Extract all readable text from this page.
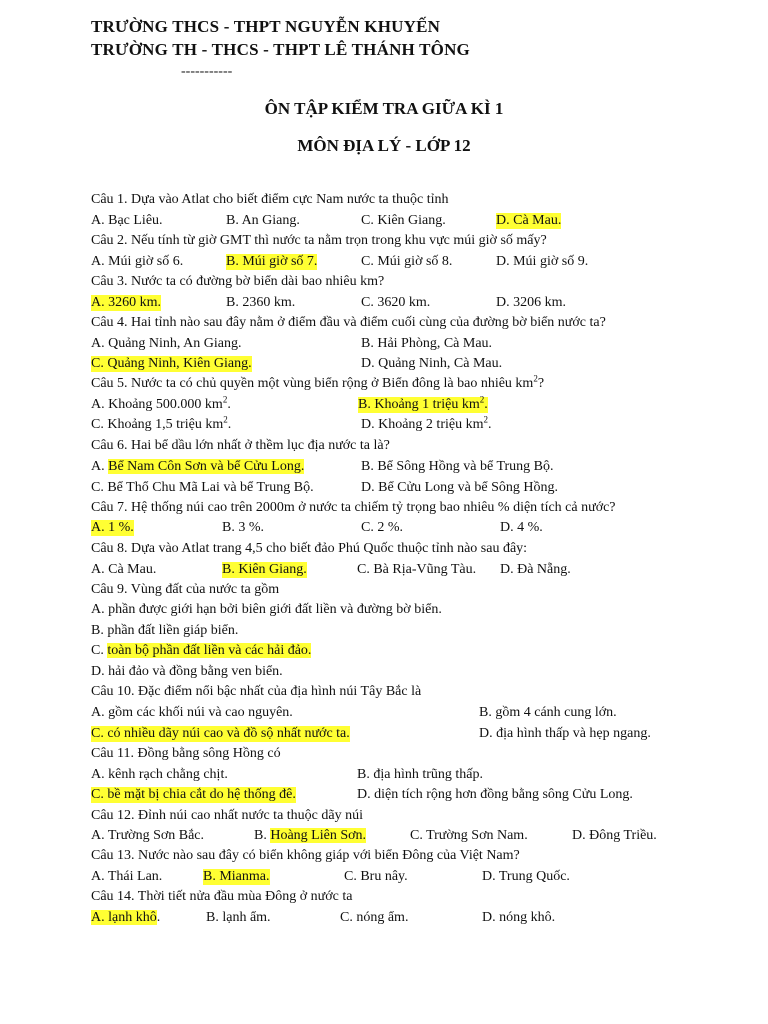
TRƯỜNG THCS - THPT NGUYỄN KHUYẾN
TRƯỜNG TH - THCS - THPT LÊ THÁNH TÔNG
-----------
ÔN TẬP KIỂM TRA GIỮA KÌ 1
MÔN ĐỊA LÝ - LỚP 12
Câu 1. Dựa vào Atlat cho biết điểm cực Nam nước ta thuộc tỉnh
A. Bạc Liêu.	B. An Giang.	C. Kiên Giang.	D. Cà Mau.
Câu 2. Nếu tính từ giờ GMT thì nước ta nằm trọn trong khu vực múi giờ số mấy?
A. Múi giờ số 6.	B. Múi giờ số 7.	C. Múi giờ số 8.	D. Múi giờ số 9.
Câu 3. Nước ta có đường bờ biển dài bao nhiêu km?
A. 3260 km.	B. 2360 km.	C. 3620 km.	D. 3206 km.
Câu 4. Hai tỉnh nào sau đây nằm ở điểm đầu và điểm cuối cùng của đường bờ biển nước ta?
A. Quảng Ninh, An Giang.	B. Hải Phòng, Cà Mau.
C. Quảng Ninh, Kiên Giang.	D. Quảng Ninh, Cà Mau.
Câu 5. Nước ta có chủ quyền một vùng biển rộng ở Biển đông là bao nhiêu $km^2$?
A. Khoảng 500.000 $km^2$.	B. Khoảng 1 triệu $km^2$.
C. Khoảng 1,5 triệu $km^2$.	D. Khoảng 2 triệu $km^2$.
Câu 6. Hai bể dầu lớn nhất ở thềm lục địa nước ta là?
A. Bể Nam Côn Sơn và bể Cửu Long.	B. Bể Sông Hồng và bể Trung Bộ.
C. Bể Thổ Chu Mã Lai và bể Trung Bộ.	D. Bể Cửu Long và bể Sông Hồng.
Câu 7. Hệ thống núi cao trên 2000m ở nước ta chiếm tỷ trọng bao nhiêu % diện tích cả nước?
A. 1 %.	B. 3 %.	C. 2 %.	D. 4 %.
Câu 8. Dựa vào Atlat trang 4,5 cho biết đảo Phú Quốc thuộc tỉnh nào sau đây:
A. Cà Mau.	B. Kiên Giang.	C. Bà Rịa-Vũng Tàu. D. Đà Nẵng.
Câu 9. Vùng đất của nước ta gồm
A. phần được giới hạn bởi biên giới đất liền và đường bờ biển.
B. phần đất liền giáp biển.
C. toàn bộ phần đất liền và các hải đảo.
D. hải đảo và đồng bằng ven biển.
Câu 10. Đặc điểm nổi bậc nhất của địa hình núi Tây Bắc là
A. gồm các khối núi và cao nguyên.	B. gồm 4 cánh cung lớn.
C. có nhiều dãy núi cao và đồ sộ nhất nước ta.	D. địa hình thấp và hẹp ngang.
Câu 11. Đồng bằng sông Hồng có
A. kênh rạch chằng chịt.	B. địa hình trũng thấp.
C. bề mặt bị chia cắt do hệ thống đê.	D. diện tích rộng hơn đồng bằng sông Cửu Long.
Câu 12. Đỉnh núi cao nhất nước ta thuộc dãy núi
A. Trường Sơn Bắc.	B. Hoàng Liên Sơn.	C. Trường Sơn Nam.	D. Đông Triều.
Câu 13. Nước nào sau đây có biển không giáp với biển Đông của Việt Nam?
A. Thái Lan.	B. Mianma.	C. Bru nây.	D. Trung Quốc.
Câu 14. Thời tiết nửa đầu mùa Đông ở nước ta
A. lạnh khô.	B. lạnh ẩm.	C. nóng ẩm.	D. nóng khô.
